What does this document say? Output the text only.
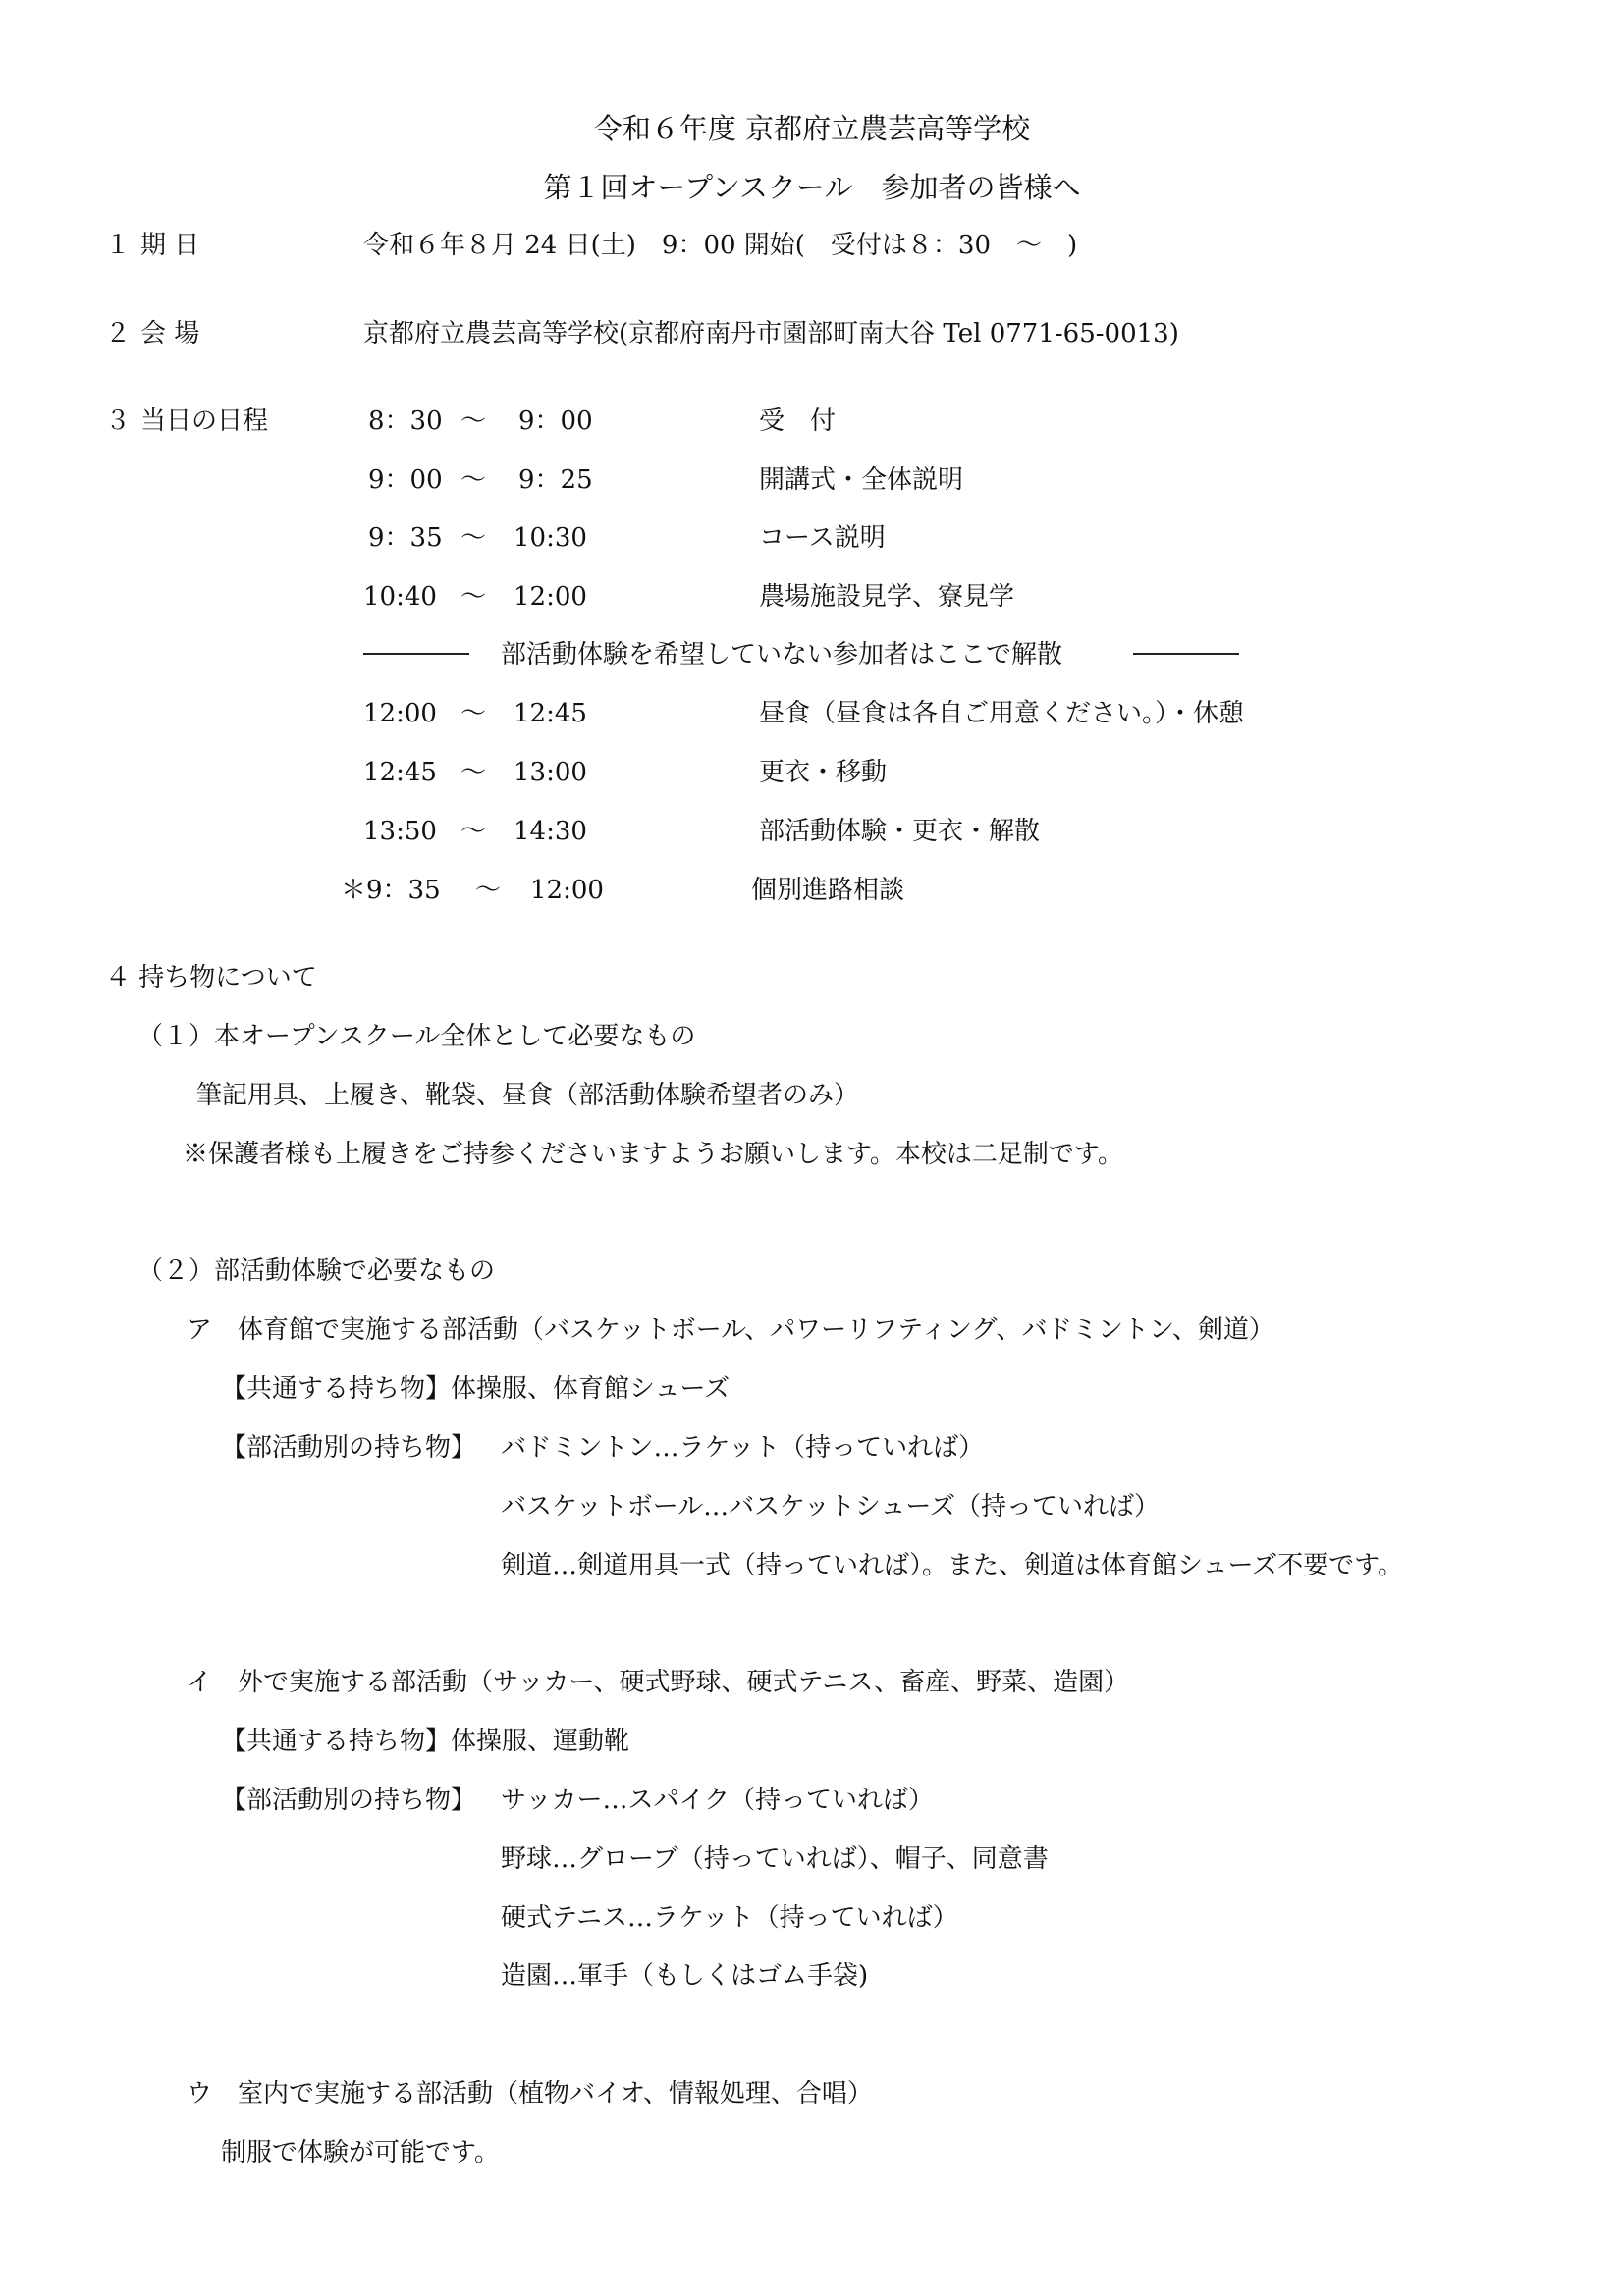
令和６年度 京都府立農芸高等学校
第１回オープンスクール　参加者の皆様へ
１ 期 日	令和６年８月 24 日(土)　9：00 開始(　受付は８：30　～　)
２ 会 場	京都府立農芸高等学校(京都府南丹市園部町南大谷 Tel 0771-65-0013)
３ 当日の日程	8：30 ～ 9：00	受　付
9：00 ～ 9：25	開講式・全体説明
9：35 ～ 10:30	コース説明
10:40 ～ 12:00	農場施設見学、寮見学
部活動体験を希望していない参加者はここで解散
12:00 ～ 12:45	昼食（昼食は各自ご用意ください。）・休憩
12:45 ～ 13:00	更衣・移動
13:50 ～ 14:30	部活動体験・更衣・解散
＊9：35 ～ 12:00	個別進路相談
４ 持ち物について
（１）本オープンスクール全体として必要なもの
筆記用具、上履き、靴袋、昼食（部活動体験希望者のみ）
※保護者様も上履きをご持参くださいますようお願いします。本校は二足制です。
（２）部活動体験で必要なもの
ア　体育館で実施する部活動（バスケットボール、パワーリフティング、バドミントン、剣道）
【共通する持ち物】体操服、体育館シューズ
【部活動別の持ち物】 バドミントン…ラケット（持っていれば）
バスケットボール…バスケットシューズ（持っていれば）
剣道…剣道用具一式（持っていれば）。また、剣道は体育館シューズ不要です。
イ　外で実施する部活動（サッカー、硬式野球、硬式テニス、畜産、野菜、造園）
【共通する持ち物】体操服、運動靴
【部活動別の持ち物】 サッカー…スパイク（持っていれば）
野球…グローブ（持っていれば）、帽子、同意書
硬式テニス…ラケット（持っていれば）
造園…軍手（もしくはゴム手袋)
ウ　室内で実施する部活動（植物バイオ、情報処理、合唱）
制服で体験が可能です。
